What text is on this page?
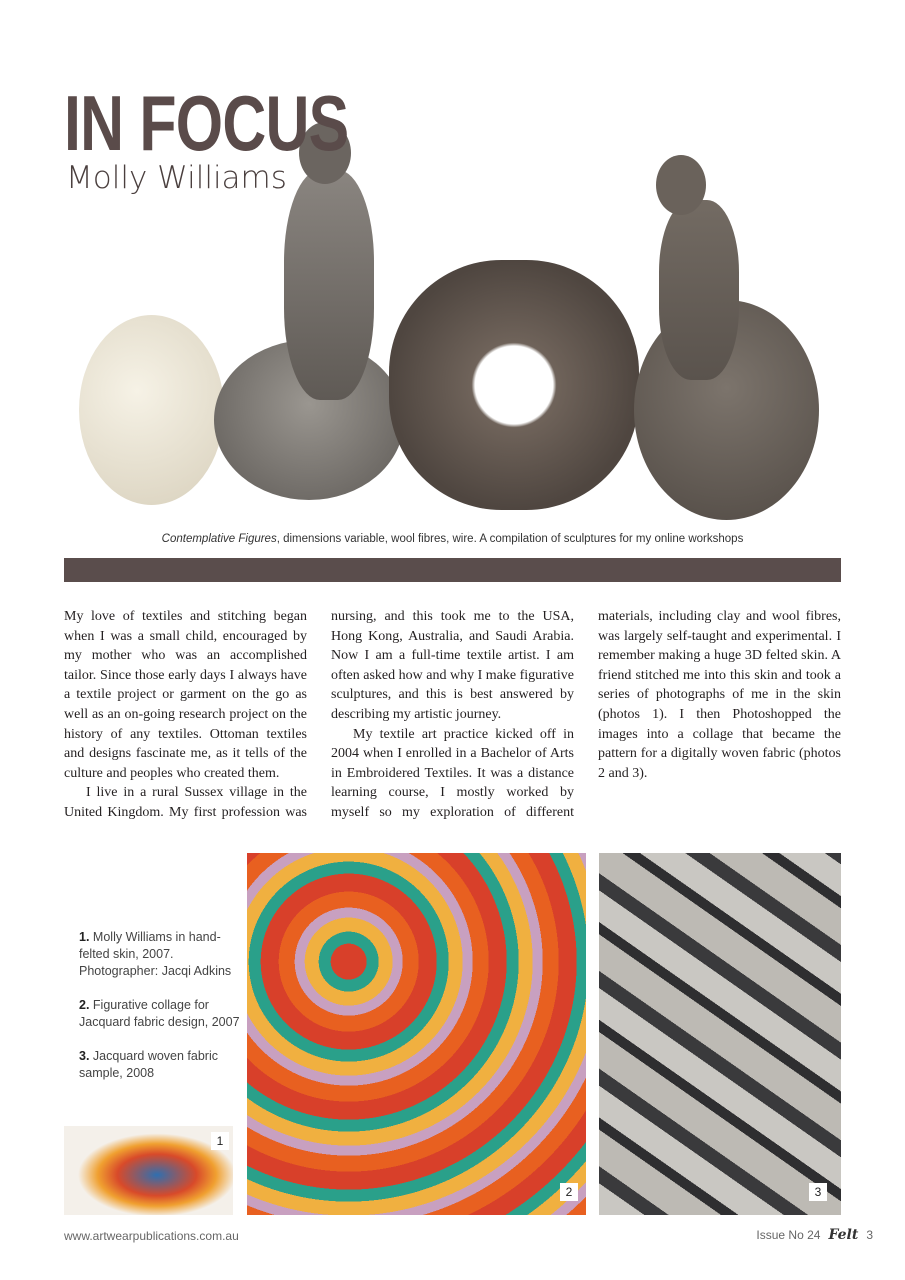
IN FOCUS
Molly Williams
Contemplative Figures, dimensions variable, wool fibres, wire. A compilation of sculptures for my online workshops

My love of textiles and stitching began when I was a small child, encouraged by my mother who was an accomplished tailor. Since those early days I always have a textile project or garment on the go as well as an on-going research project on the history of any textiles. Ottoman textiles and designs fascinate me, as it tells of the culture and peoples who created them.

I live in a rural Sussex village in the United Kingdom. My first profession was nursing, and this took me to the USA, Hong Kong, Australia, and Saudi Arabia. Now I am a full-time textile artist. I am often asked how and why I make figurative sculptures, and this is best answered by describing my artistic journey.

My textile art practice kicked off in 2004 when I enrolled in a Bachelor of Arts in Embroidered Textiles. It was a distance learning course, I mostly worked by myself so my exploration of different materials, including clay and wool fibres, was largely self-taught and experimental. I remember making a huge 3D felted skin. A friend stitched me into this skin and took a series of photographs of me in the skin (photos 1). I then Photoshopped the images into a collage that became the pattern for a digitally woven fabric (photos 2 and 3).

1. Molly Williams in hand-felted skin, 2007. Photographer: Jacqi Adkins
2. Figurative collage for Jacquard fabric design, 2007
3. Jacquard woven fabric sample, 2008
1
2	3
www.artwearpublications.com.au	Issue No 24 Felt 3
